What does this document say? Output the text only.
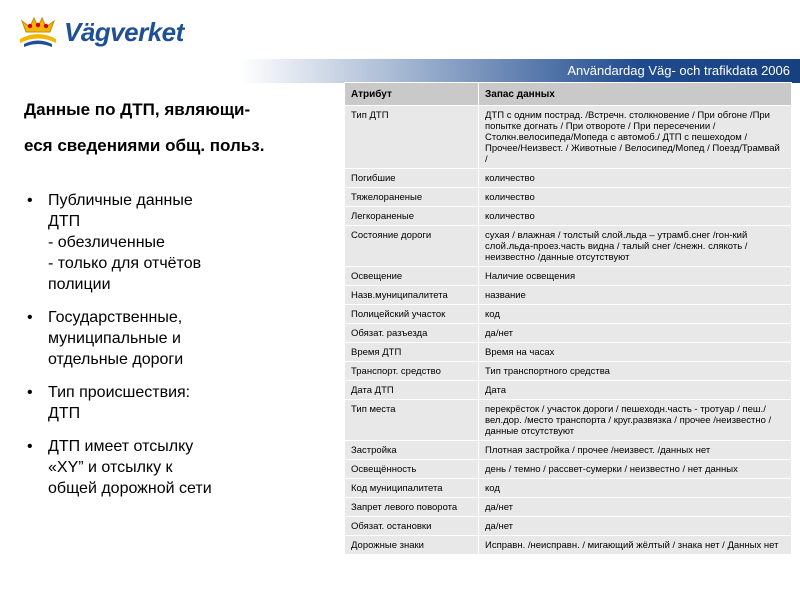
Vägverket
Användardag Väg- och trafikdata 2006
Данные по ДТП, являющи-
еся сведениями общ. польз.
• Публичные данные
ДТП
- обезличенные
- только для отчётов
полиции
• Государственные,
муниципальные и
отдельные дороги
• Тип происшествия:
ДТП
• ДТП имеет отсылку
«XY” и отсылку к
общей дорожной сети
Атрибут	Запас данных
Тип ДТП	ДТП с одним пострад. /Встречн. столкновение / При обгоне /При попытке догнать / При отвороте / При пересечении / Столкн.велосипеда/Мопеда с автомоб./ ДТП с пешеходом / Прочее/Неизвест. / Животные / Велосипед/Мопед / Поезд/Трамвай /
Погибшие	количество
Тяжелораненые	количество
Легкораненые	количество
Состояние дороги	сухая / влажная / толстый слой.льда – утрамб.снег /гон-кий слой.льда-проез.часть видна / талый снег /снежн. слякоть /неизвестно /данные отсутствуют
Освещение	Наличие освещения
Назв.муниципалитета	название
Полицейский участок	код
Обязат. разъезда	да/нет
Время ДТП	Время на часах
Транспорт. средство	Тип транспортного средства
Дата ДТП	Дата
Тип места	перекрёсток / участок дороги / пешеходн.часть - тротуар / пеш./вел.дор. /место транспорта / круг.развязка / прочее /неизвестно / данные отсутствуют
Застройка	Плотная застройка / прочее /неизвест. /данных нет
Освещённость	день / темно / рассвет-сумерки / неизвестно / нет данных
Код муниципалитета	код
Запрет левого поворота	да/нет
Обязат. остановки	да/нет
Дорожные знаки	Исправн. /неисправн. / мигающий жёлтый / знака нет / Данных нет
